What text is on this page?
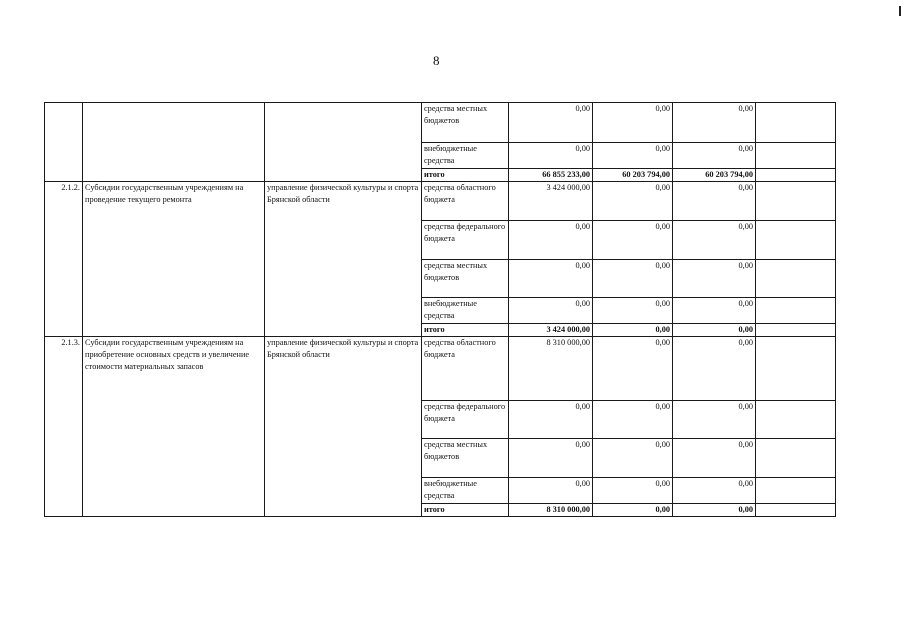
8
			средства местных бюджетов	0,00	0,00	0,00	
			внебюджетные средства	0,00	0,00	0,00	
			итого	66 855 233,00	60 203 794,00	60 203 794,00	
2.1.2.	Субсидии государственным учреждениям на проведение текущего ремонта	управление физической культуры и спорта Брянской области	средства областного бюджета	3 424 000,00	0,00	0,00	
			средства федерального бюджета	0,00	0,00	0,00	
			средства местных бюджетов	0,00	0,00	0,00	
			внебюджетные средства	0,00	0,00	0,00	
			итого	3 424 000,00	0,00	0,00	
2.1.3.	Субсидии государственным учреждениям на приобретение основных средств и увеличение стоимости материальных запасов	управление физической культуры и спорта Брянской области	средства областного бюджета	8 310 000,00	0,00	0,00	
			средства федерального бюджета	0,00	0,00	0,00	
			средства местных бюджетов	0,00	0,00	0,00	
			внебюджетные средства	0,00	0,00	0,00	
			итого	8 310 000,00	0,00	0,00	
